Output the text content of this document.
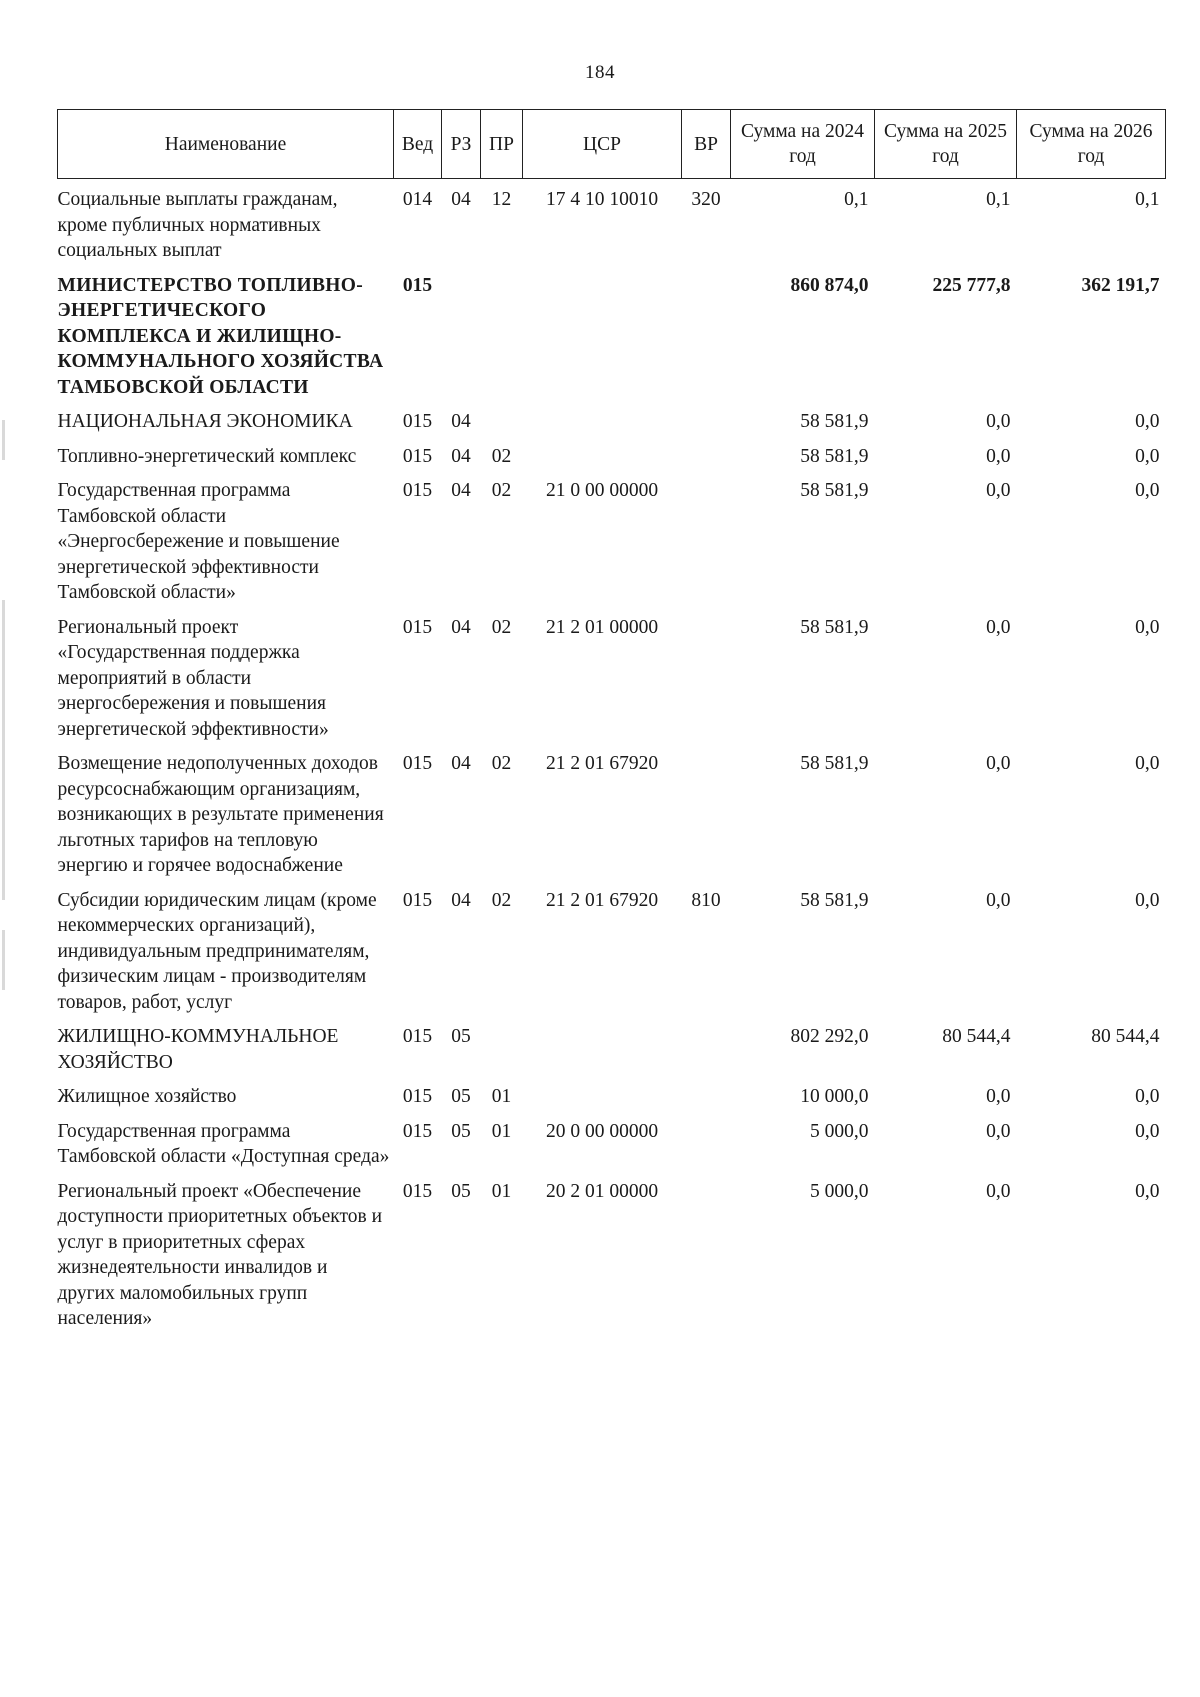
184
Наименование	Вед	РЗ	ПР	ЦСР	ВР	Сумма на 2024 год	Сумма на 2025 год	Сумма на 2026 год
Социальные выплаты гражданам, кроме публичных нормативных социальных выплат	014	04	12	17 4 10 10010	320	0,1	0,1	0,1
МИНИСТЕРСТВО ТОПЛИВНО-ЭНЕРГЕТИЧЕСКОГО КОМПЛЕКСА И ЖИЛИЩНО-КОММУНАЛЬНОГО ХОЗЯЙСТВА ТАМБОВСКОЙ ОБЛАСТИ	015					860 874,0	225 777,8	362 191,7
НАЦИОНАЛЬНАЯ ЭКОНОМИКА	015	04				58 581,9	0,0	0,0
Топливно-энергетический комплекс	015	04	02			58 581,9	0,0	0,0
Государственная программа Тамбовской области «Энергосбережение и повышение энергетической эффективности Тамбовской области»	015	04	02	21 0 00 00000		58 581,9	0,0	0,0
Региональный проект «Государственная поддержка мероприятий в области энергосбережения и повышения энергетической эффективности»	015	04	02	21 2 01 00000		58 581,9	0,0	0,0
Возмещение недополученных доходов ресурсоснабжающим организациям, возникающих в результате применения льготных тарифов на тепловую энергию и горячее водоснабжение	015	04	02	21 2 01 67920		58 581,9	0,0	0,0
Субсидии юридическим лицам (кроме некоммерческих организаций), индивидуальным предпринимателям, физическим лицам - производителям товаров, работ, услуг	015	04	02	21 2 01 67920	810	58 581,9	0,0	0,0
ЖИЛИЩНО-КОММУНАЛЬНОЕ ХОЗЯЙСТВО	015	05				802 292,0	80 544,4	80 544,4
Жилищное хозяйство	015	05	01			10 000,0	0,0	0,0
Государственная программа Тамбовской области «Доступная среда»	015	05	01	20 0 00 00000		5 000,0	0,0	0,0
Региональный проект «Обеспечение доступности приоритетных объектов и услуг в приоритетных сферах жизнедеятельности инвалидов и других маломобильных групп населения»	015	05	01	20 2 01 00000		5 000,0	0,0	0,0
